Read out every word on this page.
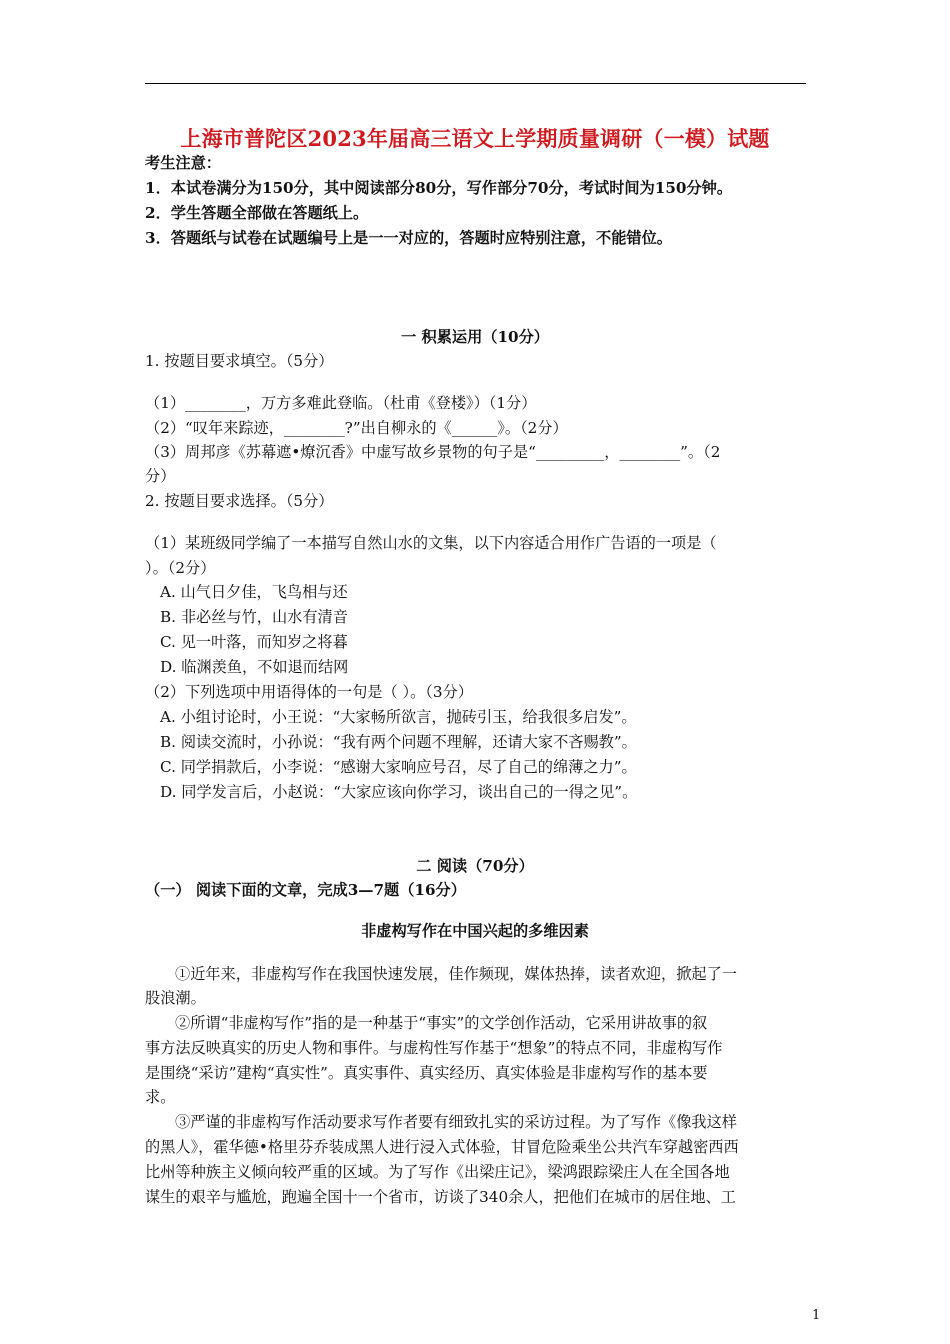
上海市普陀区2023年届高三语文上学期质量调研（一模）试题
考生注意：
1．本试卷满分为150分，其中阅读部分80分，写作部分70分，考试时间为150分钟。
2．学生答题全部做在答题纸上。
3．答题纸与试卷在试题编号上是一一对应的，答题时应特别注意，不能错位。
一 积累运用（10分）
1. 按题目要求填空。（5分）
（1）________，万方多难此登临。（杜甫《登楼》）（1分）
（2）“叹年来踪迹，________?”出自柳永的《______》。（2分）
（3）周邦彦《苏幕遮•燎沉香》中虚写故乡景物的句子是“_________，________”。（2
分）
2. 按题目要求选择。（5分）
（1）某班级同学编了一本描写自然山水的文集，以下内容适合用作广告语的一项是（
）。（2分）
A. 山气日夕佳，飞鸟相与还
B. 非必丝与竹，山水有清音
C. 见一叶落，而知岁之将暮
D. 临渊羡鱼，不如退而结网
（2）下列选项中用语得体的一句是（ ）。（3分）
A. 小组讨论时，小王说：“大家畅所欲言，抛砖引玉，给我很多启发”。
B. 阅读交流时，小孙说：“我有两个问题不理解，还请大家不吝赐教”。
C. 同学捐款后，小李说：“感谢大家响应号召，尽了自己的绵薄之力”。
D. 同学发言后，小赵说：“大家应该向你学习，谈出自己的一得之见”。
二 阅读（70分）
（一） 阅读下面的文章，完成3—7题（16分）
非虚构写作在中国兴起的多维因素
①近年来，非虚构写作在我国快速发展，佳作频现，媒体热捧，读者欢迎，掀起了一
股浪潮。
②所谓“非虚构写作”指的是一种基于“事实”的文学创作活动，它采用讲故事的叙
事方法反映真实的历史人物和事件。与虚构性写作基于“想象”的特点不同，非虚构写作
是围绕“采访”建构“真实性”。真实事件、真实经历、真实体验是非虚构写作的基本要
求。
③严谨的非虚构写作活动要求写作者要有细致扎实的采访过程。为了写作《像我这样
的黑人》，霍华德•格里芬乔装成黑人进行浸入式体验，甘冒危险乘坐公共汽车穿越密西西
比州等种族主义倾向较严重的区域。为了写作《出梁庄记》，梁鸿跟踪梁庄人在全国各地
谋生的艰辛与尴尬，跑遍全国十一个省市，访谈了340余人，把他们在城市的居住地、工
1
